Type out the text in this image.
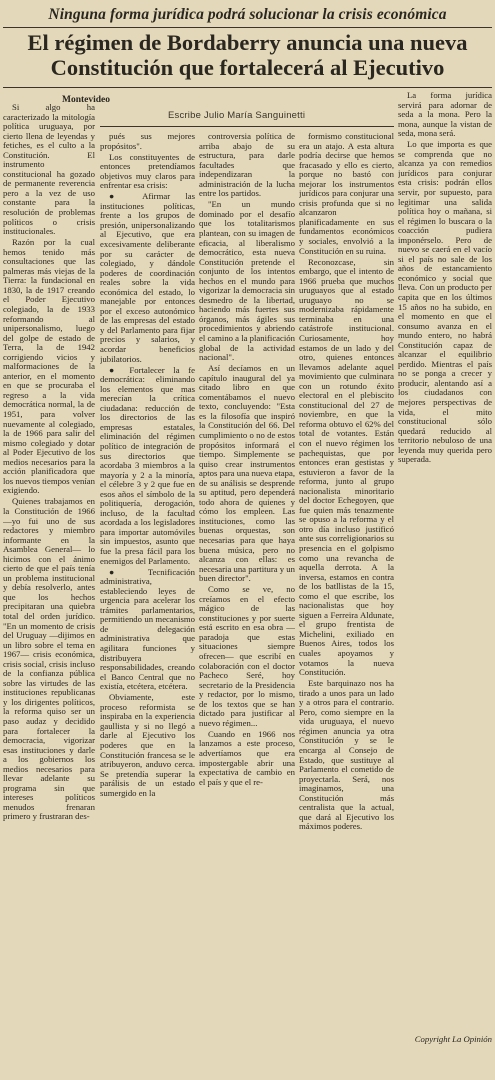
Ninguna forma jurídica podrá solucionar la crisis económica
El régimen de Bordaberry anuncia una nueva
Constitución que fortalecerá al Ejecutivo
Montevideo
Escribe Julio María Sanguinetti

Si algo ha caracterizado la mitología política uruguaya, por cierto llena de leyendas y fetiches, es el culto a la Constitución. El instrumento constitucional ha gozado de permanente reverencia pero a la vez de uso constante para la resolución de problemas políticos o crisis institucionales.

Razón por la cual hemos tenido más consultaciones que las palmeras más viejas de la Tierra: la fundacional en 1830, la de 1917 creando el Poder Ejecutivo colegiado, la de 1933 reformando al unipersonalismo, luego del golpe de estado de Terra, la de 1942 corrigiendo vicios y malformaciones de la anterior, en el momento en que se procuraba el regreso a la vida democrática normal, la de 1951, para volver nuevamente al colegiado, la de 1966 para salir del mismo colegiado y dotar al Poder Ejecutivo de los medios necesarios para la acción planificadora que los nuevos tiempos venían exigiendo.

Quienes trabajamos en la Constitución de 1966 —yo fui uno de sus redactores y miembro informante en la Asamblea General— lo hicimos con el ánimo cierto de que el país tenía un problema institucional y debía resolverlo, antes que los hechos precipitaran una quiebra total del orden jurídico. "En un momento de crisis del Uruguay —dijimos en un libro sobre el tema en 1967— crisis económica, crisis social, crisis incluso de la confianza pública sobre las virtudes de las instituciones republicanas y los dirigentes políticos, la reforma quiso ser un paso audaz y decidido para fortalecer la democracia, vigorizar esas instituciones y darle a los gobiernos los medios necesarios para llevar adelante su programa sin que intereses políticos menudos frenaran primero y frustraran des-

pués sus mejores propósitos".

Los constituyentes de entonces pretendíamos objetivos muy claros para enfrentar esa crisis:

● Afirmar las instituciones políticas, frente a los grupos de presión, unipersonalizando al Ejecutivo, que era excesivamente deliberante por su carácter de colegiado, y dándole poderes de coordinación reales sobre la vida económica del estado, lo manejable por entonces por el exceso autonómico de las empresas del estado y del Parlamento para fijar precios y salarios, y acordar beneficios jubilatorios.

● Fortalecer la fe democrática: eliminando los elementos que mas merecían la crítica ciudadana: reducción de los directorios de las empresas estatales, eliminación del régimen político de integración de sus directorios que acordaba 3 miembros a la mayoría y 2 a la minoría, el célebre 3 y 2 que fue en esos años el símbolo de la politiquería, derogación, incluso, de la facultad acordada a los legisladores para importar automóviles sin impuestos, asunto que fue la presa fácil para los enemigos del Parlamento.

● Tecnificación administrativa, estableciendo leyes de urgencia para acelerar los trámites parlamentarios, permitiendo un mecanismo de delegación administrativa que agilitara funciones y distribuyera responsabilidades, creando el Banco Central que no existía, etcétera, etcétera.

Obviamente, este proceso reformista se inspiraba en la experiencia gaullista y si no llegó a darle al Ejecutivo los poderes que en la Constitución francesa se le atribuyeron, anduvo cerca. Se pretendía superar la parálisis de un estado sumergido en la

controversia política de arriba abajo de su estructura, para darle facultades que independizaran la administración de la lucha entre los partidos.

"En un mundo dominado por el desafío que los totalitarismos plantean, con su imagen de eficacia, al liberalismo democrático, esta nueva Constitución pretende el conjunto de los intentos hechos en el mundo para vigorizar la democracia sin desmedro de la libertad, haciendo más fuertes sus órganos, más ágiles sus procedimientos y abriendo el camino a la planificación global de la actividad nacional".

Así decíamos en un capítulo inaugural del ya citado libro en que comentábamos el nuevo texto, concluyendo: "Esta es la filosofía que inspiró la Constitución del 66. Del cumplimiento o no de estos propósitos informará el tiempo. Simplemente se quiso crear instrumentos aptos para una nueva etapa, de su análisis se desprende su aptitud, pero dependerá todo ahora de quienes y cómo los empleen. Las instituciones, como las buenas orquestas, son necesarias para que haya buena música, pero no alcanza con ellas: es necesaria una partitura y un buen director".

Como se ve, no creíamos en el efecto mágico de las constituciones y por suerte está escrito en esa obra —paradoja que estas situaciones siempre ofrecen— que escribí en colaboración con el doctor Pacheco Seré, hoy secretario de la Presidencia y redactor, por lo mismo, de los textos que se han dictado para justificar al nuevo régimen...

Cuando en 1966 nos lanzamos a este proceso, advertíamos que era impostergable abrir una expectativa de cambio en el país y que el re-

formismo constitucional era un atajo. A esta altura podría decirse que hemos fracasado y ello es cierto, porque no bastó con mejorar los instrumentos jurídicos para conjurar una crisis profunda que si no alcanzaron planificadamente en sus fundamentos económicos y sociales, envolvió a la Constitución en su ruina.

Reconozcase, sin embargo, que el intento de 1966 prueba que muchos uruguayos que al estado uruguayo no se modernizaba rápidamente terminaba en una catástrofe institucional. Curiosamente, hoy estamos de un lado y del otro, quienes entonces llevamos adelante aquel movimiento que culminara con un rotundo éxito electoral en el plebiscito constitucional del 27 de noviembre, en que la reforma obtuvo el 62% del total de votantes. Están con el nuevo régimen los pachequistas, que por entonces eran gestistas y estuvieron a favor de la reforma, junto al grupo nacionalista minoritario del doctor Echegoyen, que fue quien más tenazmente se opuso a la reforma y el otro día incluso justificó ante sus correligionarios su presencia en el golpismo como una revancha de aquella derrota. A la inversa, estamos en contra de los batllistas de la 15, como el que escribe, los nacionalistas que hoy siguen a Ferreira Aldunate, el grupo frentista de Michelini, exiliado en Buenos Aires, todos los cuales apoyamos y votamos la nueva Constitución.

Este barquinazo nos ha tirado a unos para un lado y a otros para el contrario. Pero, como siempre en la vida uruguaya, el nuevo régimen anuncia ya otra Constitución y se le encarga al Consejo de Estado, que sustituye al Parlamento el cometido de proyectarla. Será, nos imaginamos, una Constitución más centralista que la actual, que dará al Ejecutivo los máximos poderes.

La forma jurídica servirá para adornar de seda a la mona. Pero la mona, aunque la vistan de seda, mona será.

Lo que importa es que se comprenda que no alcanza ya con remedios jurídicos para conjurar esta crisis: podrán ellos servir, por supuesto, para legitimar una salida política hoy o mañana, si el régimen lo buscara o la coacción pudiera imponérselo. Pero de nuevo se caerá en el vacío si el país no sale de los años de estancamiento económico y social que lleva. Con un producto per capita que en los últimos 15 años no ha subido, en el momento en que el consumo avanza en el mundo entero, no habrá Constitución capaz de alcanzar el equilibrio perdido. Mientras el país no se ponga a crecer y producir, alentando así a los ciudadanos con mejores perspectivas de vida, el mito constitucional sólo quedará reducido al territorio nebuloso de una leyenda muy querida pero superada.

Copyright La Opinión
